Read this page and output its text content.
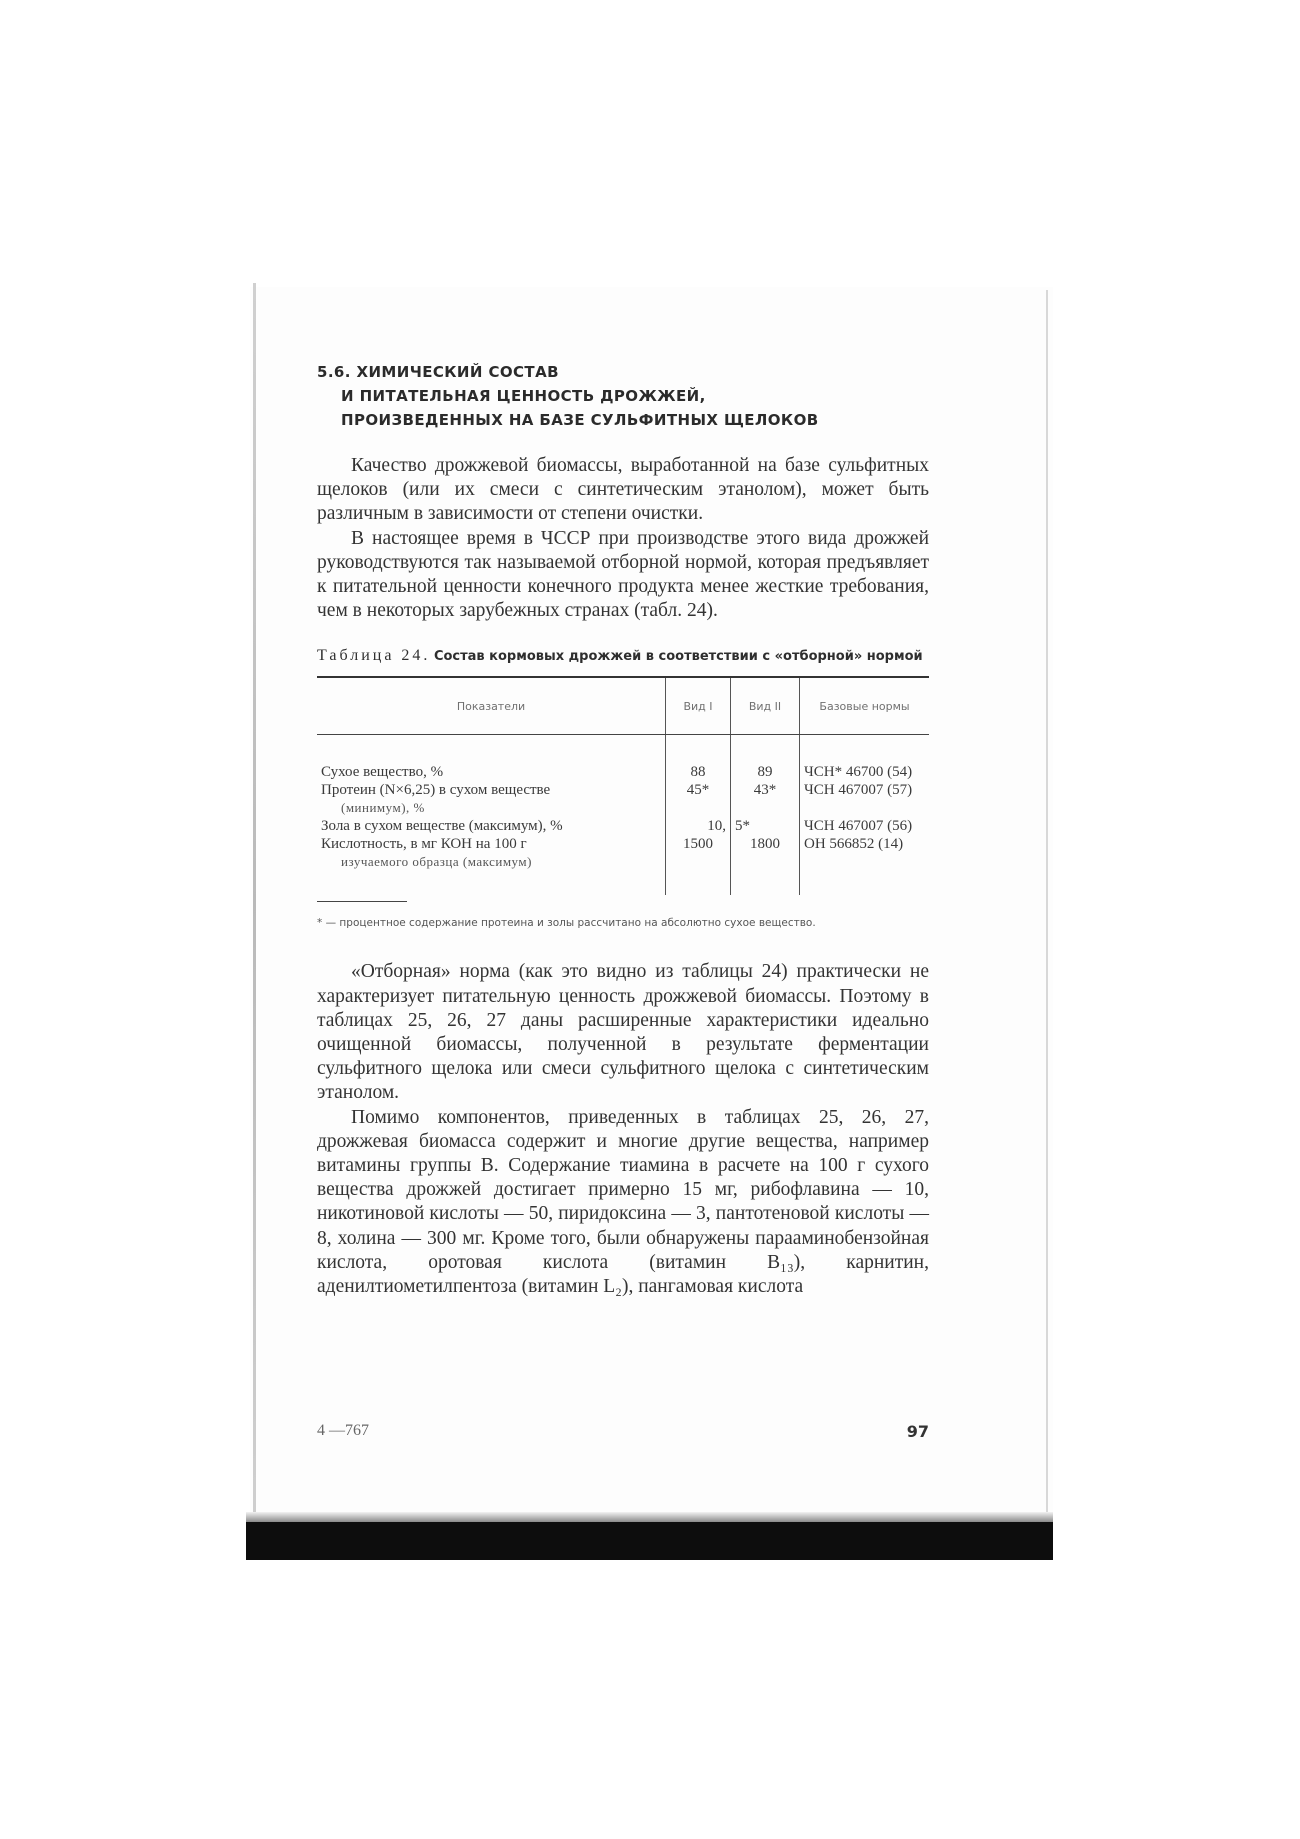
5.6. ХИМИЧЕСКИЙ СОСТАВ
И ПИТАТЕЛЬНАЯ ЦЕННОСТЬ ДРОЖЖЕЙ,
ПРОИЗВЕДЕННЫХ НА БАЗЕ СУЛЬФИТНЫХ ЩЕЛОКОВ

Качество дрожжевой биомассы, выработанной на базе сульфитных щелоков (или их смеси с синтетическим этанолом), может быть различным в зависимости от степени очистки.

В настоящее время в ЧССР при производстве этого вида дрожжей руководствуются так называемой отборной нормой, которая предъявляет к питательной ценности конечного продукта менее жесткие требования, чем в некоторых зарубежных странах (табл. 24).

Таблица 24. Состав кормовых дрожжей в соответствии с «отборной» нормой
Показатели	Вид I	Вид II	Базовые нормы

Сухое вещество, %	88	89	ЧСН* 46700 (54)
Протеин (N×6,25) в сухом веществе
(минимум), %	45*	43*	ЧСН 467007 (57)
Зола в сухом веществе (максимум), %	10,	5*	ЧСН 467007 (56)
Кислотность, в мг КОН на 100 г
изучаемого образца (максимум)	1500	1800	ОН 566852 (14)

* — процентное содержание протеина и золы рассчитано на абсолютно сухое вещество.

«Отборная» норма (как это видно из таблицы 24) практически не характеризует питательную ценность дрожжевой биомассы. Поэтому в таблицах 25, 26, 27 даны расширенные характеристики идеально очищенной биомассы, полученной в результате ферментации сульфитного щелока или смеси сульфитного щелока с синтетическим этанолом.

Помимо компонентов, приведенных в таблицах 25, 26, 27, дрожжевая биомасса содержит и многие другие вещества, например витамины группы В. Содержание тиамина в расчете на 100 г сухого вещества дрожжей достигает примерно 15 мг, рибофлавина — 10, никотиновой кислоты — 50, пиридоксина — 3, пантотеновой кислоты — 8, холина — 300 мг. Кроме того, были обнаружены парааминобензойная кислота, оротовая кислота (витамин B₁₃), карнитин, аденилтиометилпентоза (витамин L₂), пангамовая кислота

4 —767	97
